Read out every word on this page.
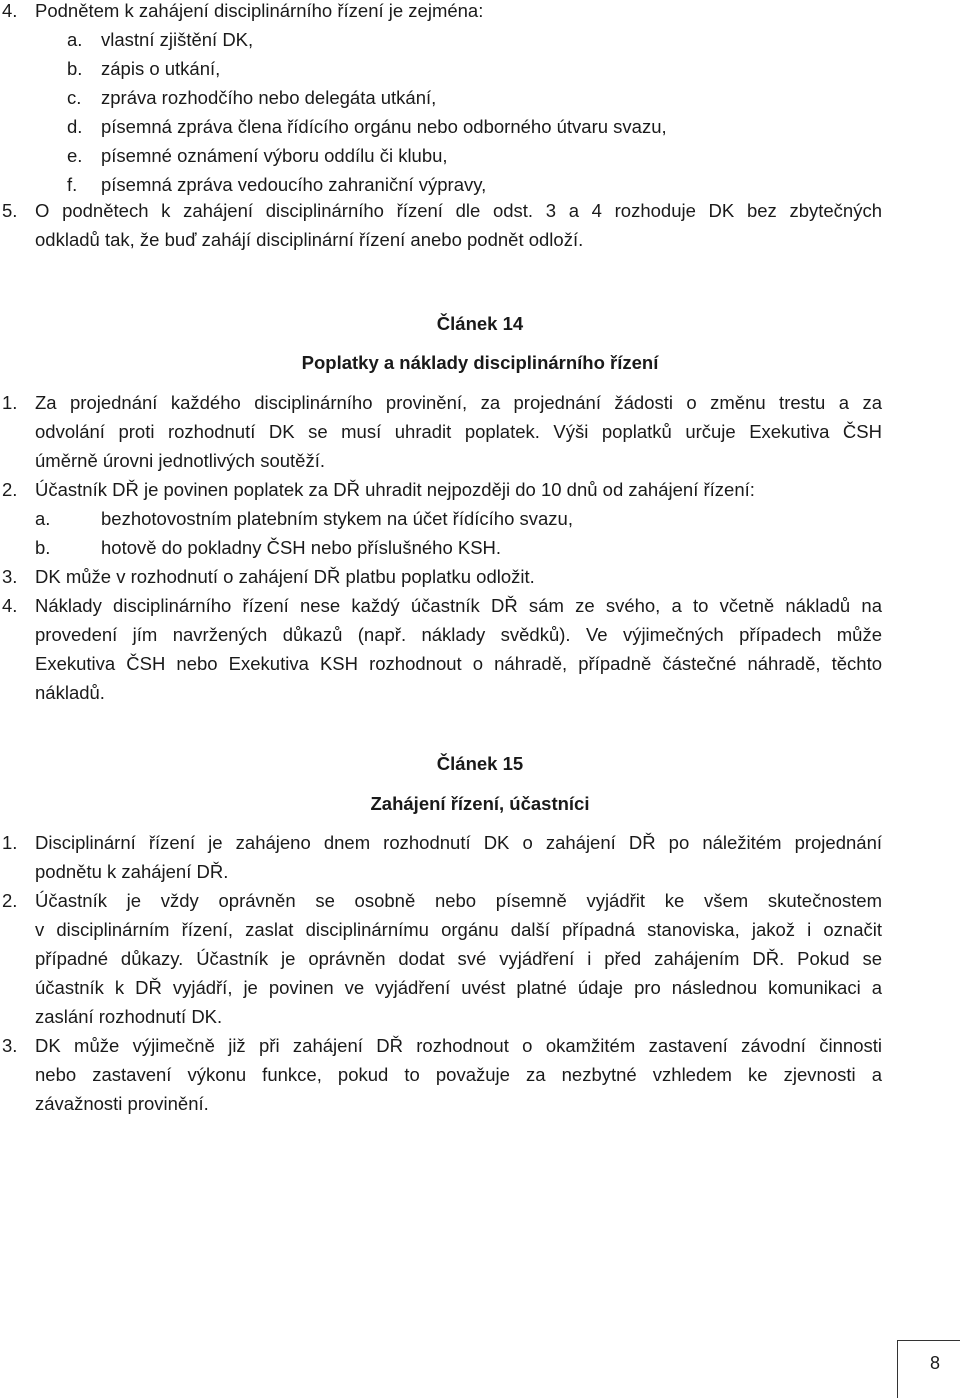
4. Podnětem k zahájení disciplinárního řízení je zejména:
a. vlastní zjištění DK,
b. zápis o utkání,
c. zpráva rozhodčího nebo delegáta utkání,
d. písemná zpráva člena řídícího orgánu nebo odborného útvaru svazu,
e. písemné oznámení výboru oddílu či klubu,
f. písemná zpráva vedoucího zahraniční výpravy,
5. O podnětech k zahájení disciplinárního řízení dle odst. 3 a 4 rozhoduje DK bez zbytečných
odkladů tak, že buď zahájí disciplinární řízení anebo podnět odloží.
Článek 14
Poplatky a náklady disciplinárního řízení
1. Za projednání každého disciplinárního provinění, za projednání žádosti o změnu trestu a za
odvolání proti rozhodnutí DK se musí uhradit poplatek. Výši poplatků určuje Exekutiva ČSH
úměrně úrovni jednotlivých soutěží.
2. Účastník DŘ je povinen poplatek za DŘ uhradit nejpozději do 10 dnů od zahájení řízení:
a.	bezhotovostním platebním stykem na účet řídícího svazu,
b.	hotově do pokladny ČSH nebo příslušného KSH.
3. DK může v rozhodnutí o zahájení DŘ platbu poplatku odložit.
4. Náklady disciplinárního řízení nese každý účastník DŘ sám ze svého, a to včetně nákladů na
provedení jím navržených důkazů (např. náklady svědků). Ve výjimečných případech může
Exekutiva ČSH nebo Exekutiva KSH rozhodnout o náhradě, případně částečné náhradě, těchto
nákladů.
Článek 15
Zahájení řízení, účastníci
1. Disciplinární řízení je zahájeno dnem rozhodnutí DK o zahájení DŘ po náležitém projednání
podnětu k zahájení DŘ.
2. Účastník je vždy oprávněn se osobně nebo písemně vyjádřit ke všem skutečnostem
v disciplinárním řízení, zaslat disciplinárnímu orgánu další případná stanoviska, jakož i označit
případné důkazy. Účastník je oprávněn dodat své vyjádření i před zahájením DŘ. Pokud se
účastník k DŘ vyjádří, je povinen ve vyjádření uvést platné údaje pro následnou komunikaci a
zaslání rozhodnutí DK.
3. DK může výjimečně již při zahájení DŘ rozhodnout o okamžitém zastavení závodní činnosti
nebo zastavení výkonu funkce, pokud to považuje za nezbytné vzhledem ke zjevnosti a
závažnosti provinění.
8
